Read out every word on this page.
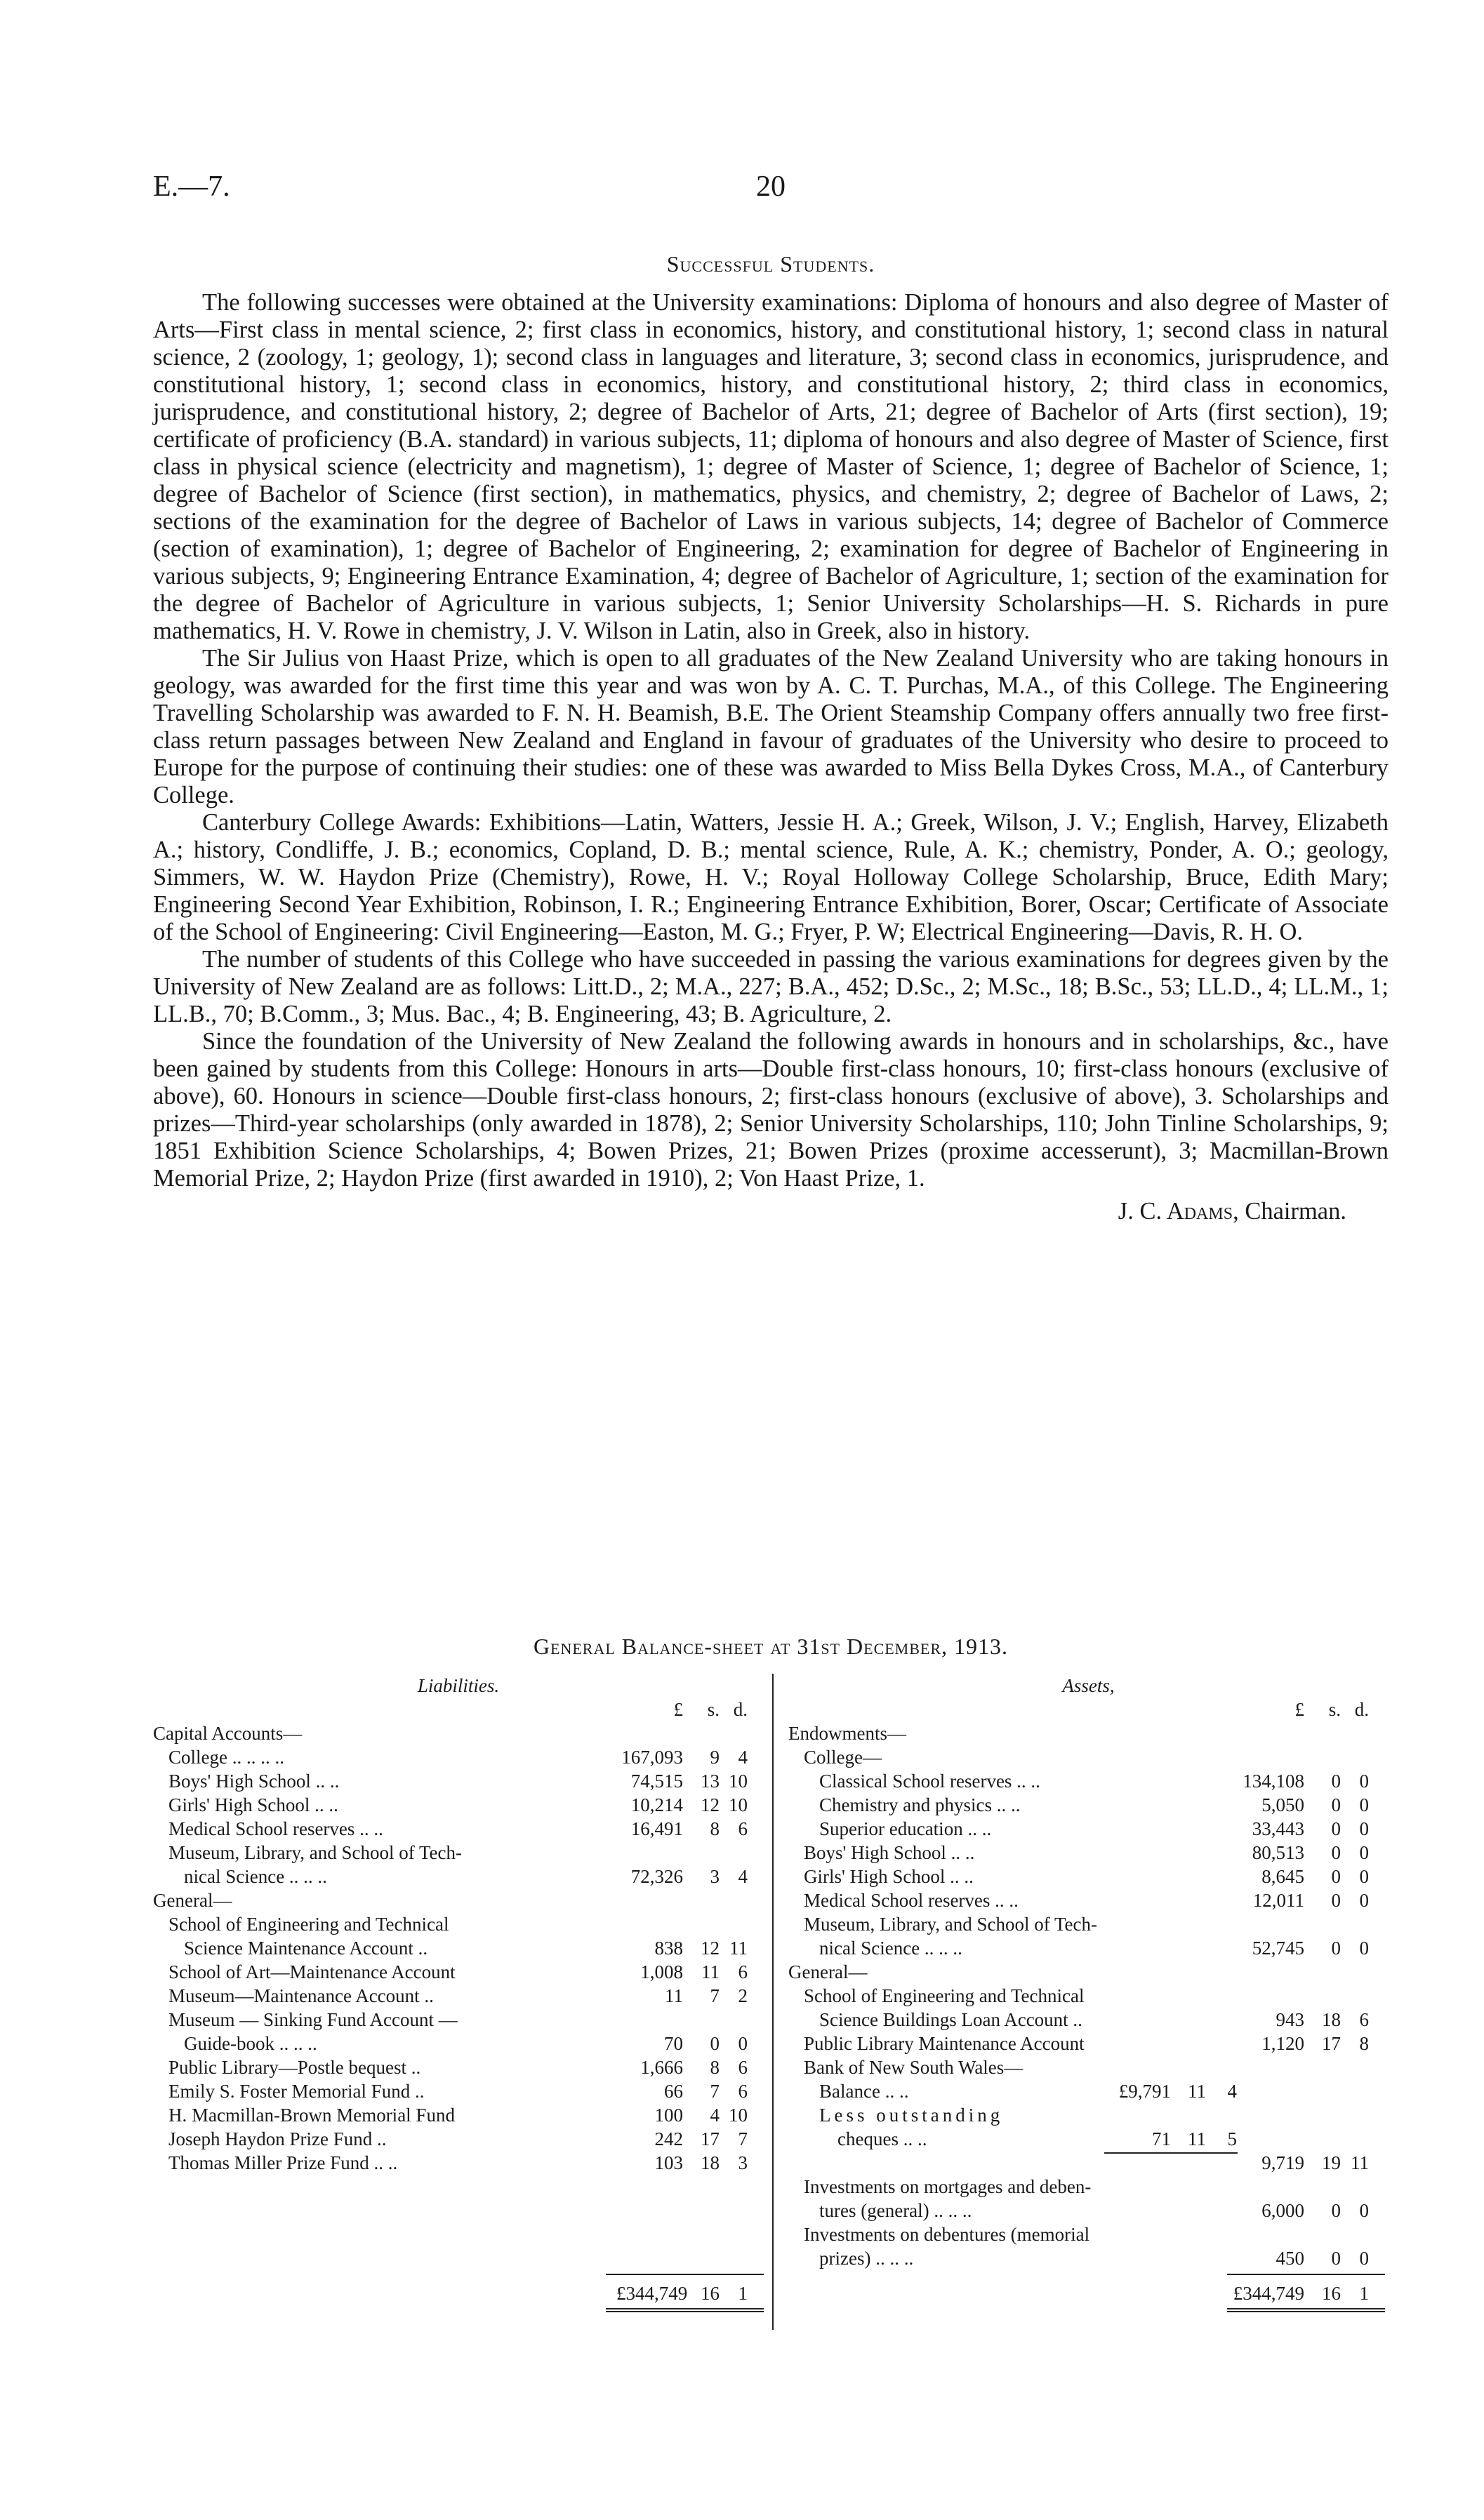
E.—7.	20
Successful Students.

The following successes were obtained at the University examinations: Diploma of honours and also degree of Master of Arts—First class in mental science, 2; first class in economics, history, and constitutional history, 1; second class in natural science, 2 (zoology, 1; geology, 1); second class in languages and literature, 3; second class in economics, jurisprudence, and constitutional history, 1; second class in economics, history, and constitutional history, 2; third class in economics, jurisprudence, and constitutional history, 2; degree of Bachelor of Arts, 21; degree of Bachelor of Arts (first section), 19; certificate of proficiency (B.A. standard) in various subjects, 11; diploma of honours and also degree of Master of Science, first class in physical science (electricity and magnetism), 1; degree of Master of Science, 1; degree of Bachelor of Science, 1; degree of Bachelor of Science (first section), in mathematics, physics, and chemistry, 2; degree of Bachelor of Laws, 2; sections of the examination for the degree of Bachelor of Laws in various subjects, 14; degree of Bachelor of Commerce (section of examination), 1; degree of Bachelor of Engineering, 2; examination for degree of Bachelor of Engineering in various subjects, 9; Engineering Entrance Examination, 4; degree of Bachelor of Agriculture, 1; section of the examination for the degree of Bachelor of Agriculture in various subjects, 1; Senior University Scholarships—H. S. Richards in pure mathematics, H. V. Rowe in chemistry, J. V. Wilson in Latin, also in Greek, also in history.

The Sir Julius von Haast Prize, which is open to all graduates of the New Zealand University who are taking honours in geology, was awarded for the first time this year and was won by A. C. T. Purchas, M.A., of this College. The Engineering Travelling Scholarship was awarded to F. N. H. Beamish, B.E. The Orient Steamship Company offers annually two free first-class return passages between New Zealand and England in favour of graduates of the University who desire to proceed to Europe for the purpose of continuing their studies: one of these was awarded to Miss Bella Dykes Cross, M.A., of Canterbury College.

Canterbury College Awards: Exhibitions—Latin, Watters, Jessie H. A.; Greek, Wilson, J. V.; English, Harvey, Elizabeth A.; history, Condliffe, J. B.; economics, Copland, D. B.; mental science, Rule, A. K.; chemistry, Ponder, A. O.; geology, Simmers, W. W. Haydon Prize (Chemistry), Rowe, H. V.; Royal Holloway College Scholarship, Bruce, Edith Mary; Engineering Second Year Exhibition, Robinson, I. R.; Engineering Entrance Exhibition, Borer, Oscar; Certificate of Associate of the School of Engineering: Civil Engineering—Easton, M. G.; Fryer, P. W; Electrical Engineering—Davis, R. H. O.

The number of students of this College who have succeeded in passing the various examinations for degrees given by the University of New Zealand are as follows: Litt.D., 2; M.A., 227; B.A., 452; D.Sc., 2; M.Sc., 18; B.Sc., 53; LL.D., 4; LL.M., 1; LL.B., 70; B.Comm., 3; Mus. Bac., 4; B. Engineering, 43; B. Agriculture, 2.

Since the foundation of the University of New Zealand the following awards in honours and in scholarships, &c., have been gained by students from this College: Honours in arts—Double first-class honours, 10; first-class honours (exclusive of above), 60. Honours in science—Double first-class honours, 2; first-class honours (exclusive of above), 3. Scholarships and prizes—Third-year scholarships (only awarded in 1878), 2; Senior University Scholarships, 110; John Tinline Scholarships, 9; 1851 Exhibition Science Scholarships, 4; Bowen Prizes, 21; Bowen Prizes (proxime accesserunt), 3; Macmillan-Brown Memorial Prize, 2; Haydon Prize (first awarded in 1910), 2; Von Haast Prize, 1.

J. C. Adams, Chairman.
General Balance-sheet at 31st December, 1913.
Liabilities.
£	s. d.
Capital Accounts—
College .. .. .. ..	167,093	9 4
Boys' High School .. ..	74,515 13 10
Girls' High School .. ..	10,214 12 10
Medical School reserves .. ..	16,491	8 6
Museum, Library, and School of Tech-
nical Science .. .. ..	72,326	3 4
General—
School of Engineering and Technical
Science Maintenance Account ..	838 12 11
School of Art—Maintenance Account	1,008 11 6
Museum—Maintenance Account ..	11	7 2
Museum — Sinking Fund Account —
Guide-book .. .. ..	70	0 0
Public Library—Postle bequest ..	1,666	8 6
Emily S. Foster Memorial Fund ..	66	7 6
H. Macmillan-Brown Memorial Fund	100	4 10
Joseph Haydon Prize Fund ..	242 17 7
Thomas Miller Prize Fund .. ..	103 18 3
Assets,
£	s. d.
Endowments—
College—
Classical School reserves .. ..	134,108	0 0
Chemistry and physics .. ..	5,050	0 0
Superior education .. ..	33,443	0 0
Boys' High School .. ..	80,513	0 0
Girls' High School .. ..	8,645	0 0
Medical School reserves .. ..	12,011	0 0
Museum, Library, and School of Tech-
nical Science .. .. ..	52,745	0 0
General—
School of Engineering and Technical
Science Buildings Loan Account ..	943 18 6
Public Library Maintenance Account	1,120 17 8
Bank of New South Wales—
Balance .. ..	£9,791 11	4
Less outstanding
cheques .. ..	71 11	5
9,719 19 11
Investments on mortgages and deben-
tures (general) .. .. ..	6,000	0 0
Investments on debentures (memorial
prizes) .. .. ..	450	0 0
£344,749 16 1	£344,749 16 1
